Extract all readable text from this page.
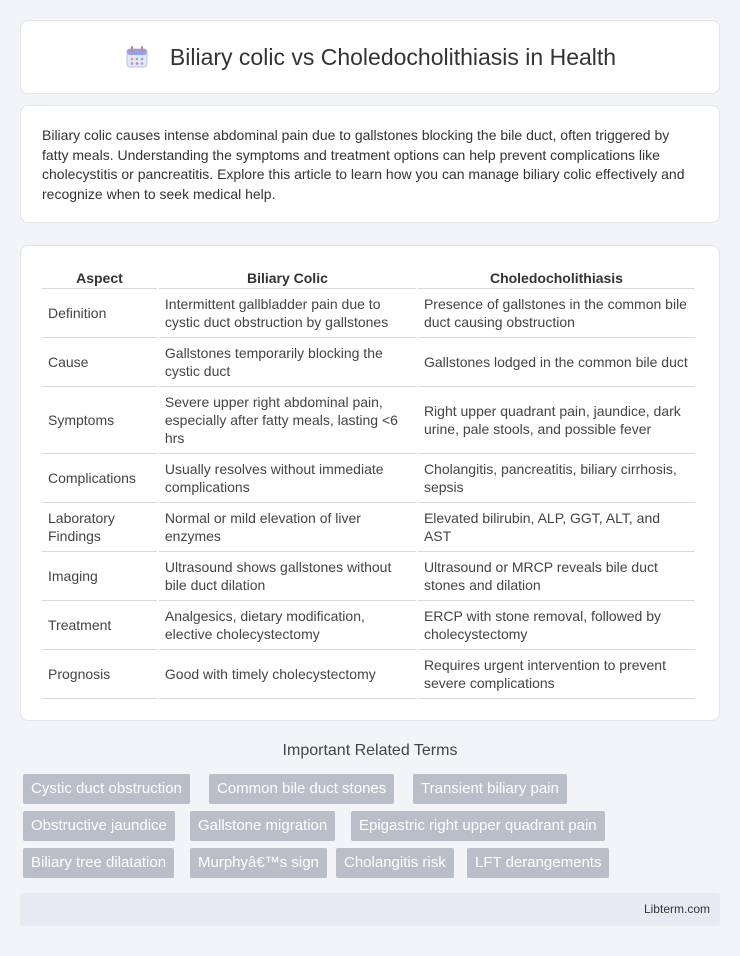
Biliary colic vs Choledocholithiasis in Health

Biliary colic causes intense abdominal pain due to gallstones blocking the bile duct, often triggered by fatty meals. Understanding the symptoms and treatment options can help prevent complications like cholecystitis or pancreatitis. Explore this article to learn how you can manage biliary colic effectively and recognize when to seek medical help.

Aspect	Biliary Colic	Choledocholithiasis
Definition	Intermittent gallbladder pain due to cystic duct obstruction by gallstones	Presence of gallstones in the common bile duct causing obstruction
Cause	Gallstones temporarily blocking the cystic duct	Gallstones lodged in the common bile duct
Symptoms	Severe upper right abdominal pain, especially after fatty meals, lasting <6 hrs	Right upper quadrant pain, jaundice, dark urine, pale stools, and possible fever
Complications	Usually resolves without immediate complications	Cholangitis, pancreatitis, biliary cirrhosis, sepsis
Laboratory Findings	Normal or mild elevation of liver enzymes	Elevated bilirubin, ALP, GGT, ALT, and AST
Imaging	Ultrasound shows gallstones without bile duct dilation	Ultrasound or MRCP reveals bile duct stones and dilation
Treatment	Analgesics, dietary modification, elective cholecystectomy	ERCP with stone removal, followed by cholecystectomy
Prognosis	Good with timely cholecystectomy	Requires urgent intervention to prevent severe complications
Important Related Terms
Cystic duct obstruction	Common bile duct stones	Transient biliary pain
Obstructive jaundice	Gallstone migration	Epigastric right upper quadrant pain
Biliary tree dilatation	Murphyâ€™s sign	Cholangitis risk	LFT derangements
Libterm.com
